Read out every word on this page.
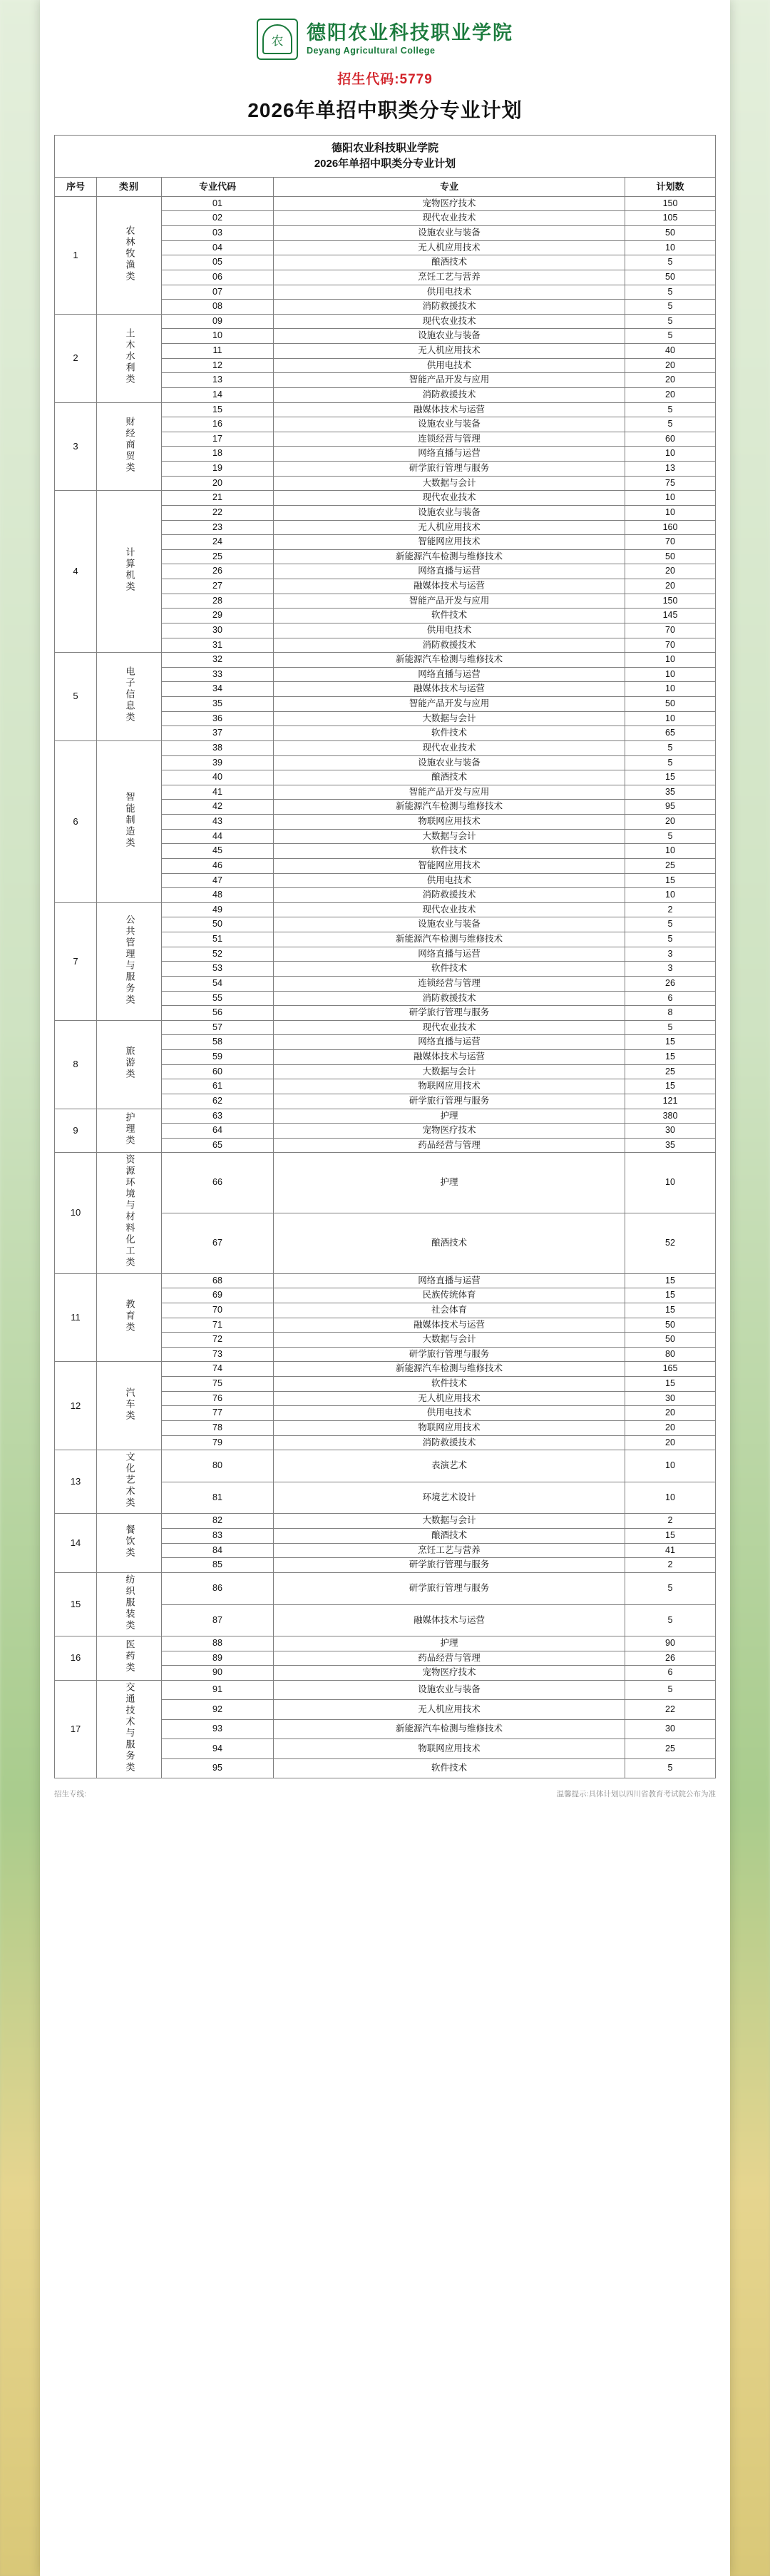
农	德阳农业科技职业学院
Deyang Agricultural College
招生代码:5779
2026年单招中职类分专业计划
德阳农业科技职业学院
2026年单招中职类分专业计划				

序号	类别	专业代码	专业	计划数
1	农林牧渔类	01	宠物医疗技术	150
		02	现代农业技术	105
		03	设施农业与装备	50
		04	无人机应用技术	10
		05	酿酒技术	5
		06	烹饪工艺与营养	50
		07	供用电技术	5
		08	消防救援技术	5
2	土木水利类	09	现代农业技术	5
		10	设施农业与装备	5
		11	无人机应用技术	40
		12	供用电技术	20
		13	智能产品开发与应用	20
		14	消防救援技术	20
3	财经商贸类	15	融媒体技术与运营	5
		16	设施农业与装备	5
		17	连锁经营与管理	60
		18	网络直播与运营	10
		19	研学旅行管理与服务	13
		20	大数据与会计	75
4	计算机类	21	现代农业技术	10
		22	设施农业与装备	10
		23	无人机应用技术	160
		24	智能网应用技术	70
		25	新能源汽车检测与维修技术	50
		26	网络直播与运营	20
		27	融媒体技术与运营	20
		28	智能产品开发与应用	150
		29	软件技术	145
		30	供用电技术	70
		31	消防救援技术	70
5	电子信息类	32	新能源汽车检测与维修技术	10
		33	网络直播与运营	10
		34	融媒体技术与运营	10
		35	智能产品开发与应用	50
		36	大数据与会计	10
		37	软件技术	65
6	智能制造类	38	现代农业技术	5
		39	设施农业与装备	5
		40	酿酒技术	15
		41	智能产品开发与应用	35
		42	新能源汽车检测与维修技术	95
		43	物联网应用技术	20
		44	大数据与会计	5
		45	软件技术	10
		46	智能网应用技术	25
		47	供用电技术	15
		48	消防救援技术	10
7	公共管理与服务类	49	现代农业技术	2
		50	设施农业与装备	5
		51	新能源汽车检测与维修技术	5
		52	网络直播与运营	3
		53	软件技术	3
		54	连锁经营与管理	26
		55	消防救援技术	6
		56	研学旅行管理与服务	8
8	旅游类	57	现代农业技术	5
		58	网络直播与运营	15
		59	融媒体技术与运营	15
		60	大数据与会计	25
		61	物联网应用技术	15
		62	研学旅行管理与服务	121
9	护理类	63	护理	380
		64	宠物医疗技术	30
		65	药品经营与管理	35
10	资源环境与材料化工类	66	护理	10
		67	酿酒技术	52
11	教育类	68	网络直播与运营	15
		69	民族传统体育	15
		70	社会体育	15
		71	融媒体技术与运营	50
		72	大数据与会计	50
		73	研学旅行管理与服务	80
12	汽车类	74	新能源汽车检测与维修技术	165
		75	软件技术	15
		76	无人机应用技术	30
		77	供用电技术	20
		78	物联网应用技术	20
		79	消防救援技术	20
13	文化艺术类	80	表演艺术	10
		81	环境艺术设计	10
14	餐饮类	82	大数据与会计	2
		83	酿酒技术	15
		84	烹饪工艺与营养	41
		85	研学旅行管理与服务	2
15	纺织服装类	86	研学旅行管理与服务	5
		87	融媒体技术与运营	5
16	医药类	88	护理	90
		89	药品经营与管理	26
		90	宠物医疗技术	6
17	交通技术与服务类	91	设施农业与装备	5
		92	无人机应用技术	22
		93	新能源汽车检测与维修技术	30
		94	物联网应用技术	25
		95	软件技术	5
招生专线:	温馨提示:具体计划以四川省教育考试院公布为准
